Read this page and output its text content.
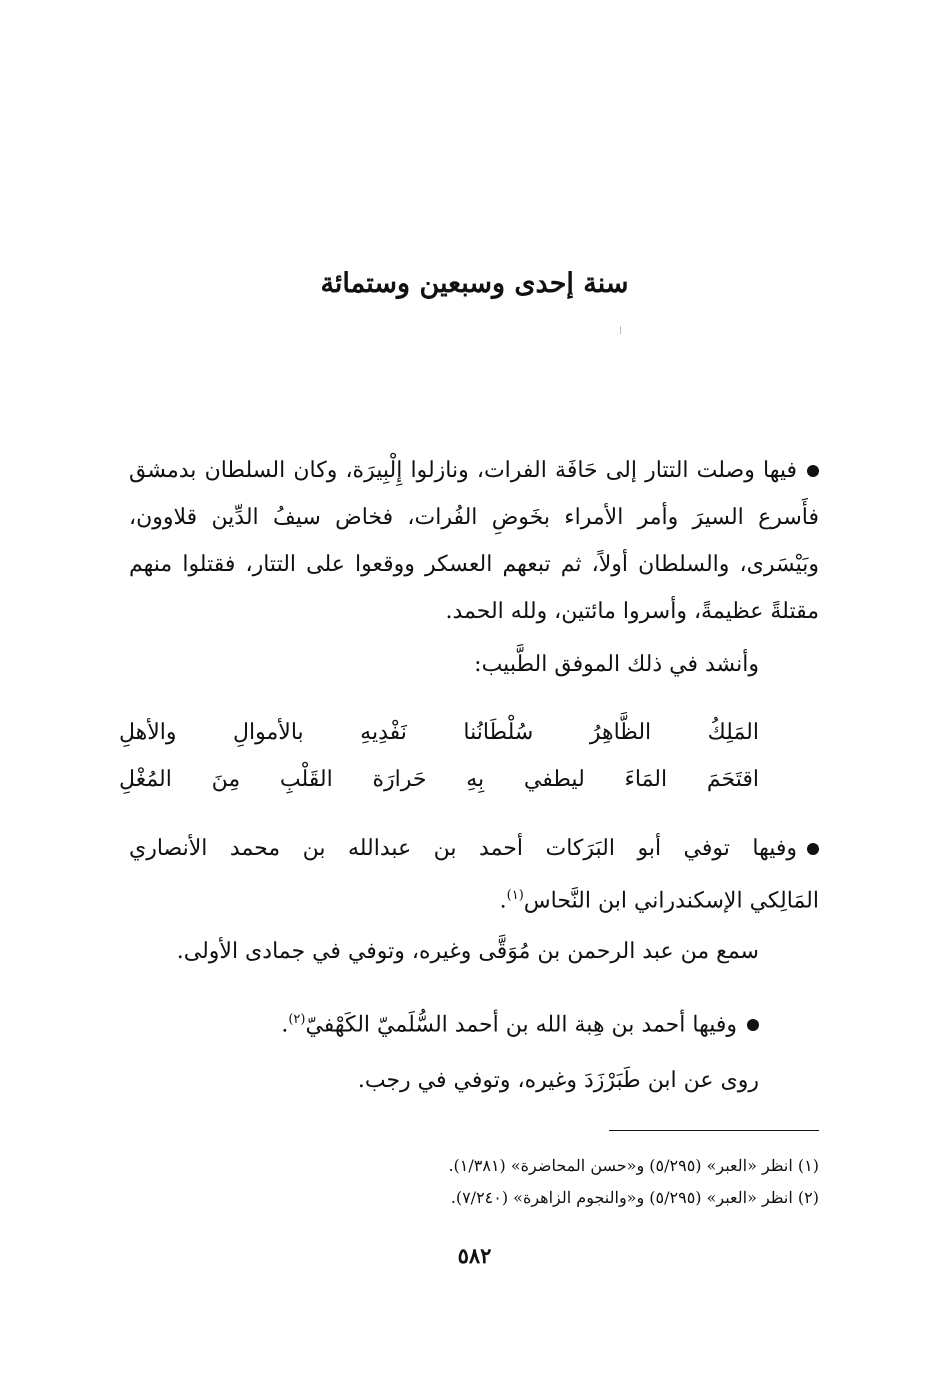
سنة إحدى وسبعين وستمائة
فيها وصلت التتار إلى حَافَة الفرات، ونازلوا إِلْبِيرَة، وكان السلطان بدمشق فأَسرع السيرَ وأمر الأمراء بخَوضِ الفُرات، فخاض سيفُ الدِّين قلاوون، وبَيْسَرى، والسلطان أولاً، ثم تبعهم العسكر ووقعوا على التتار، فقتلوا منهم مقتلةً عظيمةً، وأسروا مائتين، ولله الحمد.
وأنشد في ذلك الموفق الطَّبيب:
المَلِكُ
الظَّاهِرُ
سُلْطَانُنا
نَفْدِيهِ
بالأموالِ
والأهلِ
اقتَحَمَ
المَاءَ
ليطفي
بِهِ
حَرارَة
القَلْبِ
مِنَ
المُغْلِ
وفيها توفي أبو البَرَكات أحمد بن عبدالله بن محمد الأنصاري
المَالِكي الإسكندراني ابن النَّحاس$^{(١)}$.
سمع من عبد الرحمن بن مُوَقَّى وغيره، وتوفي في جمادى الأولى.
وفيها أحمد بن هِبة الله بن أحمد السُّلَميّ الكَهْفيّ$^{(٢)}$.
روى عن ابن طَبَرْزَدَ وغيره، وتوفي في رجب.
(١) انظر «العبر» (٥/٢٩٥) و«حسن المحاضرة» (١/٣٨١).
(٢) انظر «العبر» (٥/٢٩٥) و«والنجوم الزاهرة» (٧/٢٤٠).
٥٨٢
